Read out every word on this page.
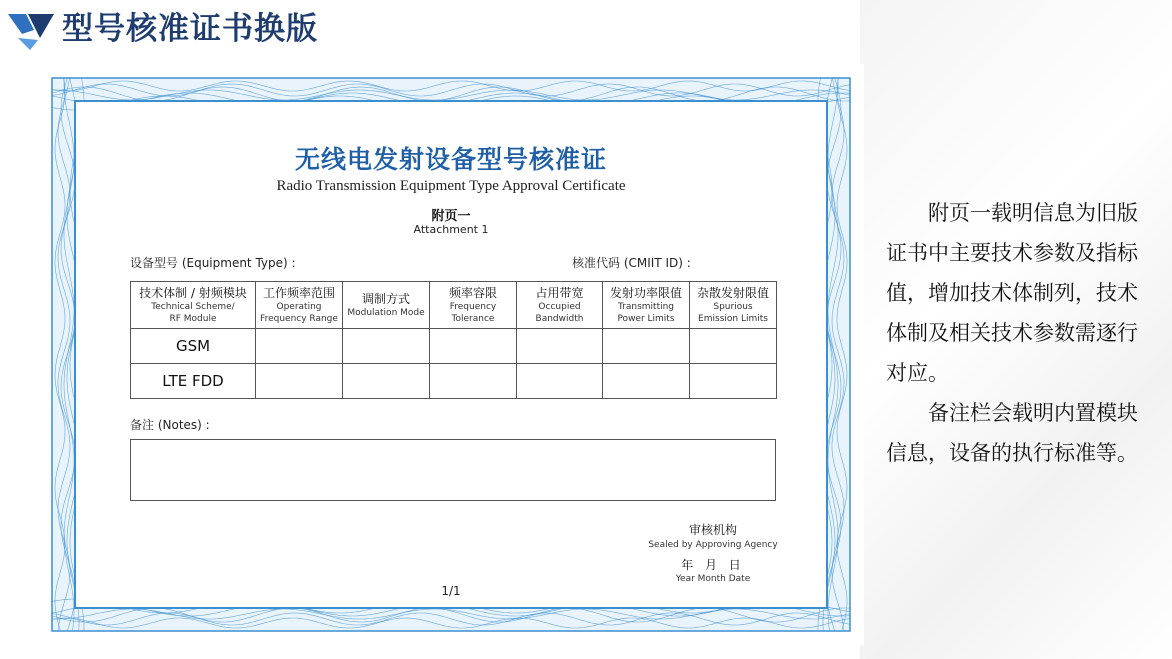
型号核准证书换版
无线电发射设备型号核准证
Radio Transmission Equipment Type Approval Certificate
附页一
Attachment 1
设备型号 (Equipment Type) :	核准代码 (CMIIT ID) :
技术体制 / 射频模块
Technical Scheme/
RF Module	工作频率范围
Operating
Frequency Range	调制方式
Modulation Mode	频率容限
Frequency
Tolerance	占用带宽
Occupied
Bandwidth	发射功率限值
Transmitting
Power Limits	杂散发射限值
Spurious
Emission Limits

GSM						
LTE FDD						
备注 (Notes) :
审核机构
Sealed by Approving Agency
年 月 日
Year Month Date
1/1

附页一载明信息为旧版证书中主要技术参数及指标值，增加技术体制列，技术体制及相关技术参数需逐行对应。

备注栏会载明内置模块信息，设备的执行标准等。
